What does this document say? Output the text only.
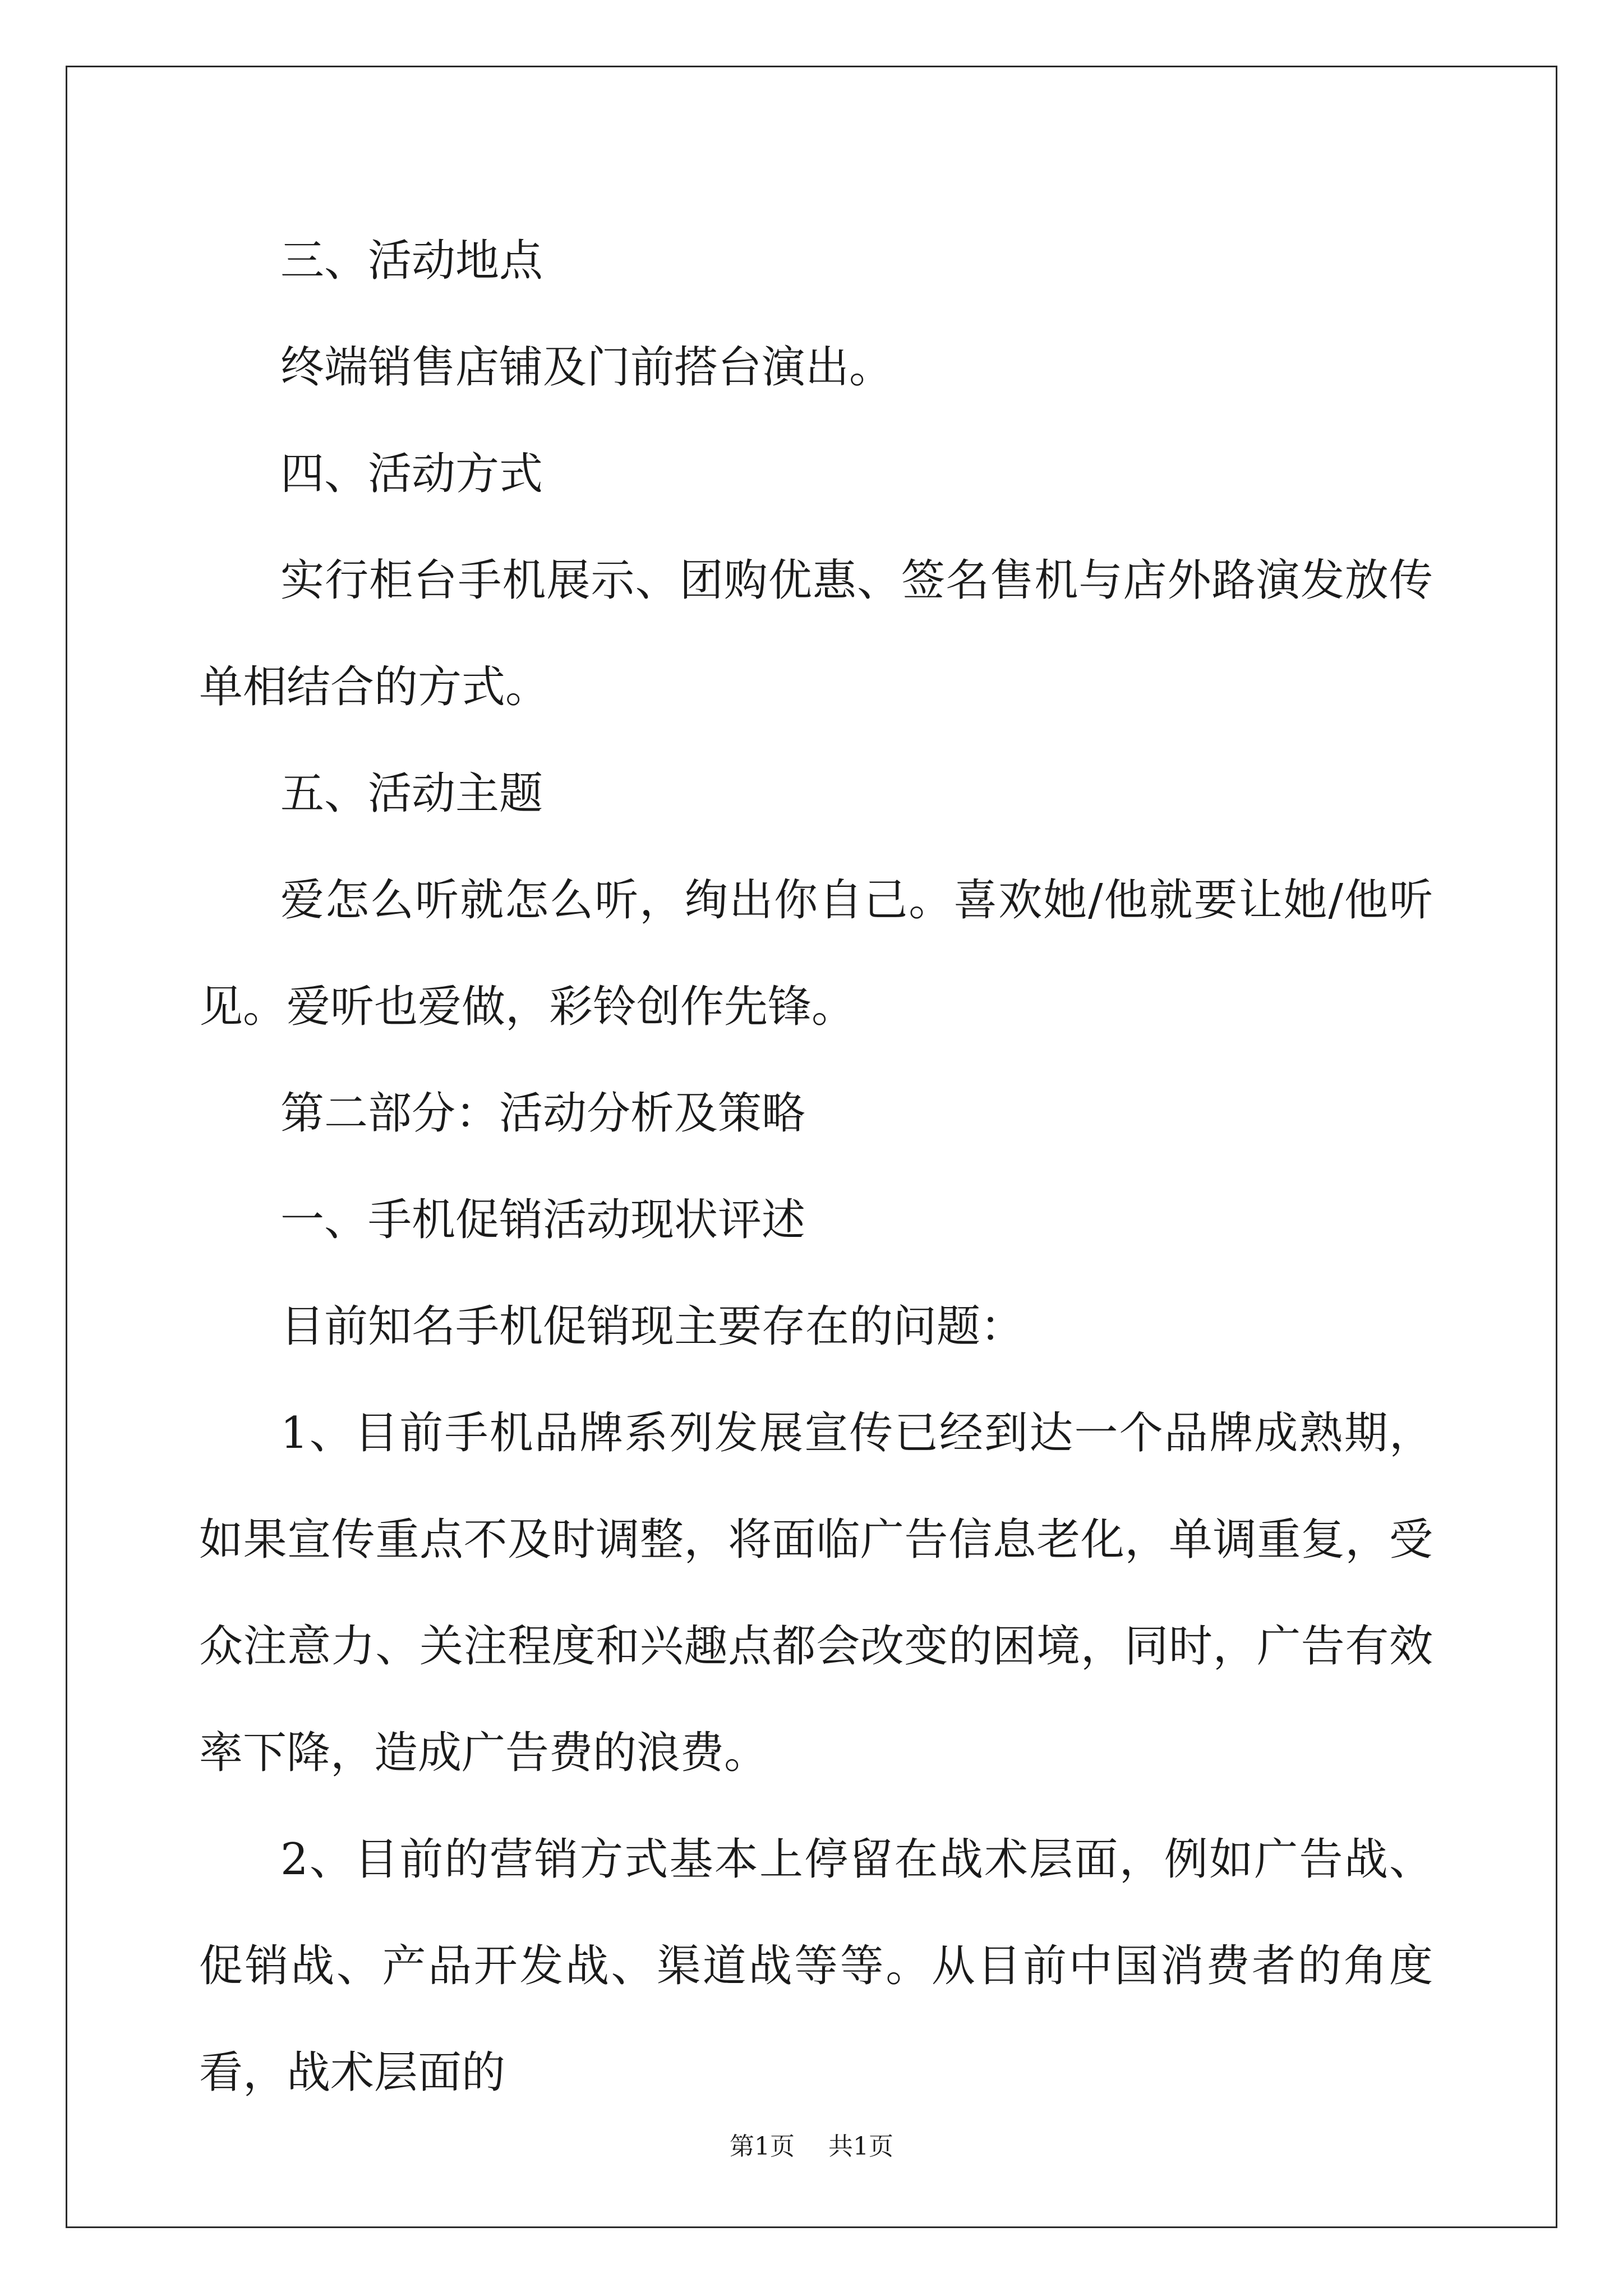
三、活动地点

终端销售店铺及门前搭台演出。

四、活动方式

实行柜台手机展示、团购优惠、签名售机与店外路演发放传单相结合的方式。

五、活动主题

爱怎么听就怎么听，绚出你自己。喜欢她/他就要让她/他听见。爱听也爱做，彩铃创作先锋。

第二部分：活动分析及策略

一、手机促销活动现状评述

目前知名手机促销现主要存在的问题：

1、目前手机品牌系列发展宣传已经到达一个品牌成熟期，如果宣传重点不及时调整，将面临广告信息老化，单调重复，受众注意力、关注程度和兴趣点都会改变的困境，同时，广告有效率下降，造成广告费的浪费。

2、目前的营销方式基本上停留在战术层面，例如广告战、促销战、产品开发战、渠道战等等。从目前中国消费者的角度看，战术层面的

第1页 共1页
